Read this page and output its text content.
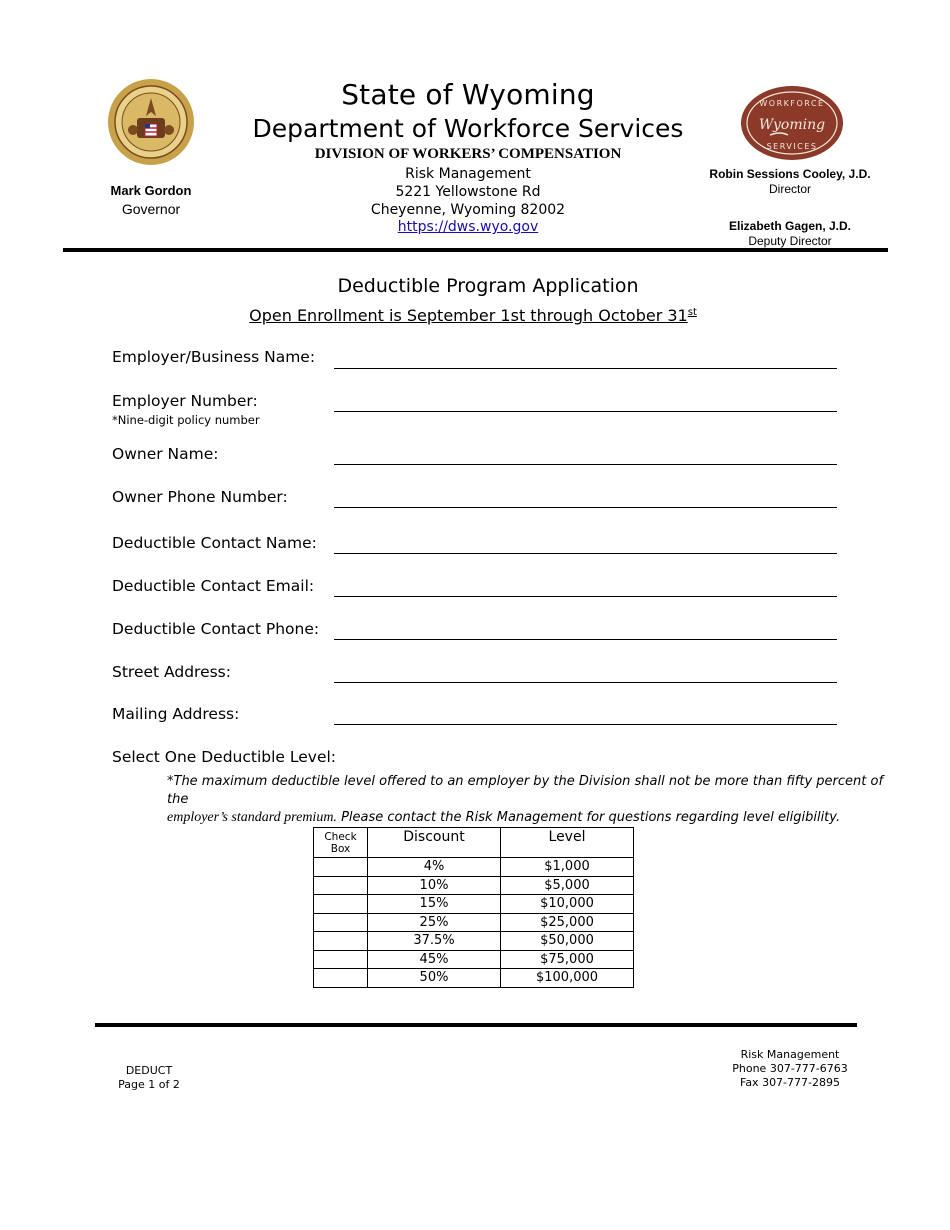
Mark Gordon
Governor
State of Wyoming
Department of Workforce Services
DIVISION OF WORKERS’ COMPENSATION
Risk Management
5221 Yellowstone Rd
Cheyenne, Wyoming 82002
https://dws.wyo.gov
WORKFORCE
Wyoming
SERVICES
Robin Sessions Cooley, J.D.
Director
Elizabeth Gagen, J.D.
Deputy Director
Deductible Program Application
Open Enrollment is September 1st through October 31st
Employer/Business Name:
Employer Number:
*Nine-digit policy number
Owner Name:
Owner Phone Number:
Deductible Contact Name:
Deductible Contact Email:
Deductible Contact Phone:
Street Address:
Mailing Address:
Select One Deductible Level:
*The maximum deductible level offered to an employer by the Division shall not be more than fifty percent of the
employer’s standard premium. Please contact the Risk Management for questions regarding level eligibility.
Check Box	Discount	Level
	4%	$1,000
	10%	$5,000
	15%	$10,000
	25%	$25,000
	37.5%	$50,000
	45%	$75,000
	50%	$100,000
DEDUCT
Page 1 of 2
Risk Management
Phone 307-777-6763
Fax 307-777-2895
